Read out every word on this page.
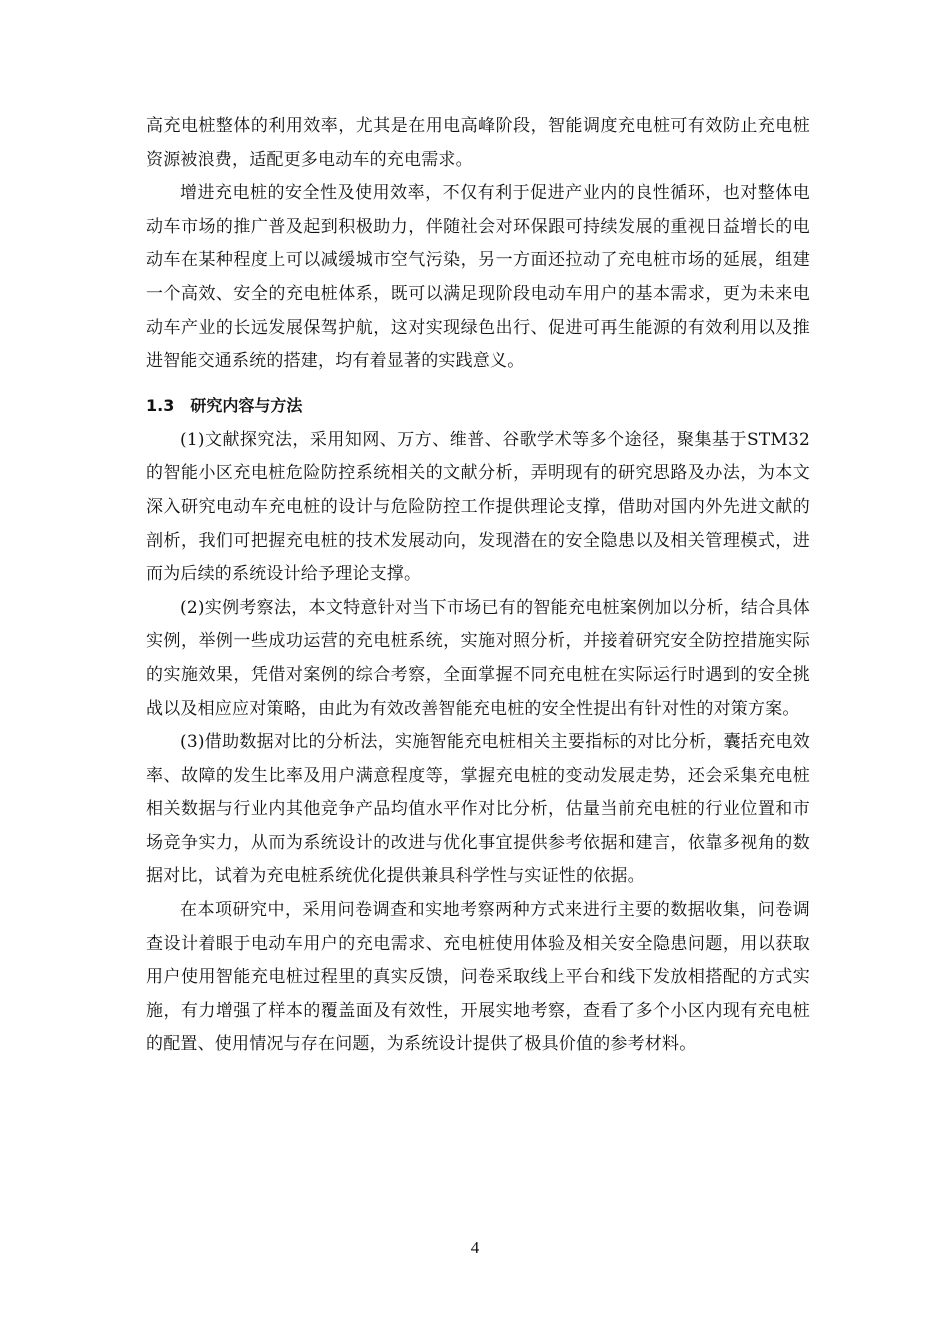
高充电桩整体的利用效率，尤其是在用电高峰阶段，智能调度充电桩可有效防止充电桩资源被浪费，适配更多电动车的充电需求。

增进充电桩的安全性及使用效率，不仅有利于促进产业内的良性循环，也对整体电动车市场的推广普及起到积极助力，伴随社会对环保跟可持续发展的重视日益增长的电动车在某种程度上可以减缓城市空气污染，另一方面还拉动了充电桩市场的延展，组建一个高效、安全的充电桩体系，既可以满足现阶段电动车用户的基本需求，更为未来电动车产业的长远发展保驾护航，这对实现绿色出行、促进可再生能源的有效利用以及推进智能交通系统的搭建，均有着显著的实践意义。

1.3 研究内容与方法

(1)文献探究法，采用知网、万方、维普、谷歌学术等多个途径，聚集基于STM32的智能小区充电桩危险防控系统相关的文献分析，弄明现有的研究思路及办法，为本文深入研究电动车充电桩的设计与危险防控工作提供理论支撑，借助对国内外先进文献的剖析，我们可把握充电桩的技术发展动向，发现潜在的安全隐患以及相关管理模式，进而为后续的系统设计给予理论支撑。

(2)实例考察法，本文特意针对当下市场已有的智能充电桩案例加以分析，结合具体实例，举例一些成功运营的充电桩系统，实施对照分析，并接着研究安全防控措施实际的实施效果，凭借对案例的综合考察，全面掌握不同充电桩在实际运行时遇到的安全挑战以及相应应对策略，由此为有效改善智能充电桩的安全性提出有针对性的对策方案。

(3)借助数据对比的分析法，实施智能充电桩相关主要指标的对比分析，囊括充电效率、故障的发生比率及用户满意程度等，掌握充电桩的变动发展走势，还会采集充电桩相关数据与行业内其他竞争产品均值水平作对比分析，估量当前充电桩的行业位置和市场竞争实力，从而为系统设计的改进与优化事宜提供参考依据和建言，依靠多视角的数据对比，试着为充电桩系统优化提供兼具科学性与实证性的依据。

在本项研究中，采用问卷调查和实地考察两种方式来进行主要的数据收集，问卷调查设计着眼于电动车用户的充电需求、充电桩使用体验及相关安全隐患问题，用以获取用户使用智能充电桩过程里的真实反馈，问卷采取线上平台和线下发放相搭配的方式实施，有力增强了样本的覆盖面及有效性，开展实地考察，查看了多个小区内现有充电桩的配置、使用情况与存在问题，为系统设计提供了极具价值的参考材料。

4
